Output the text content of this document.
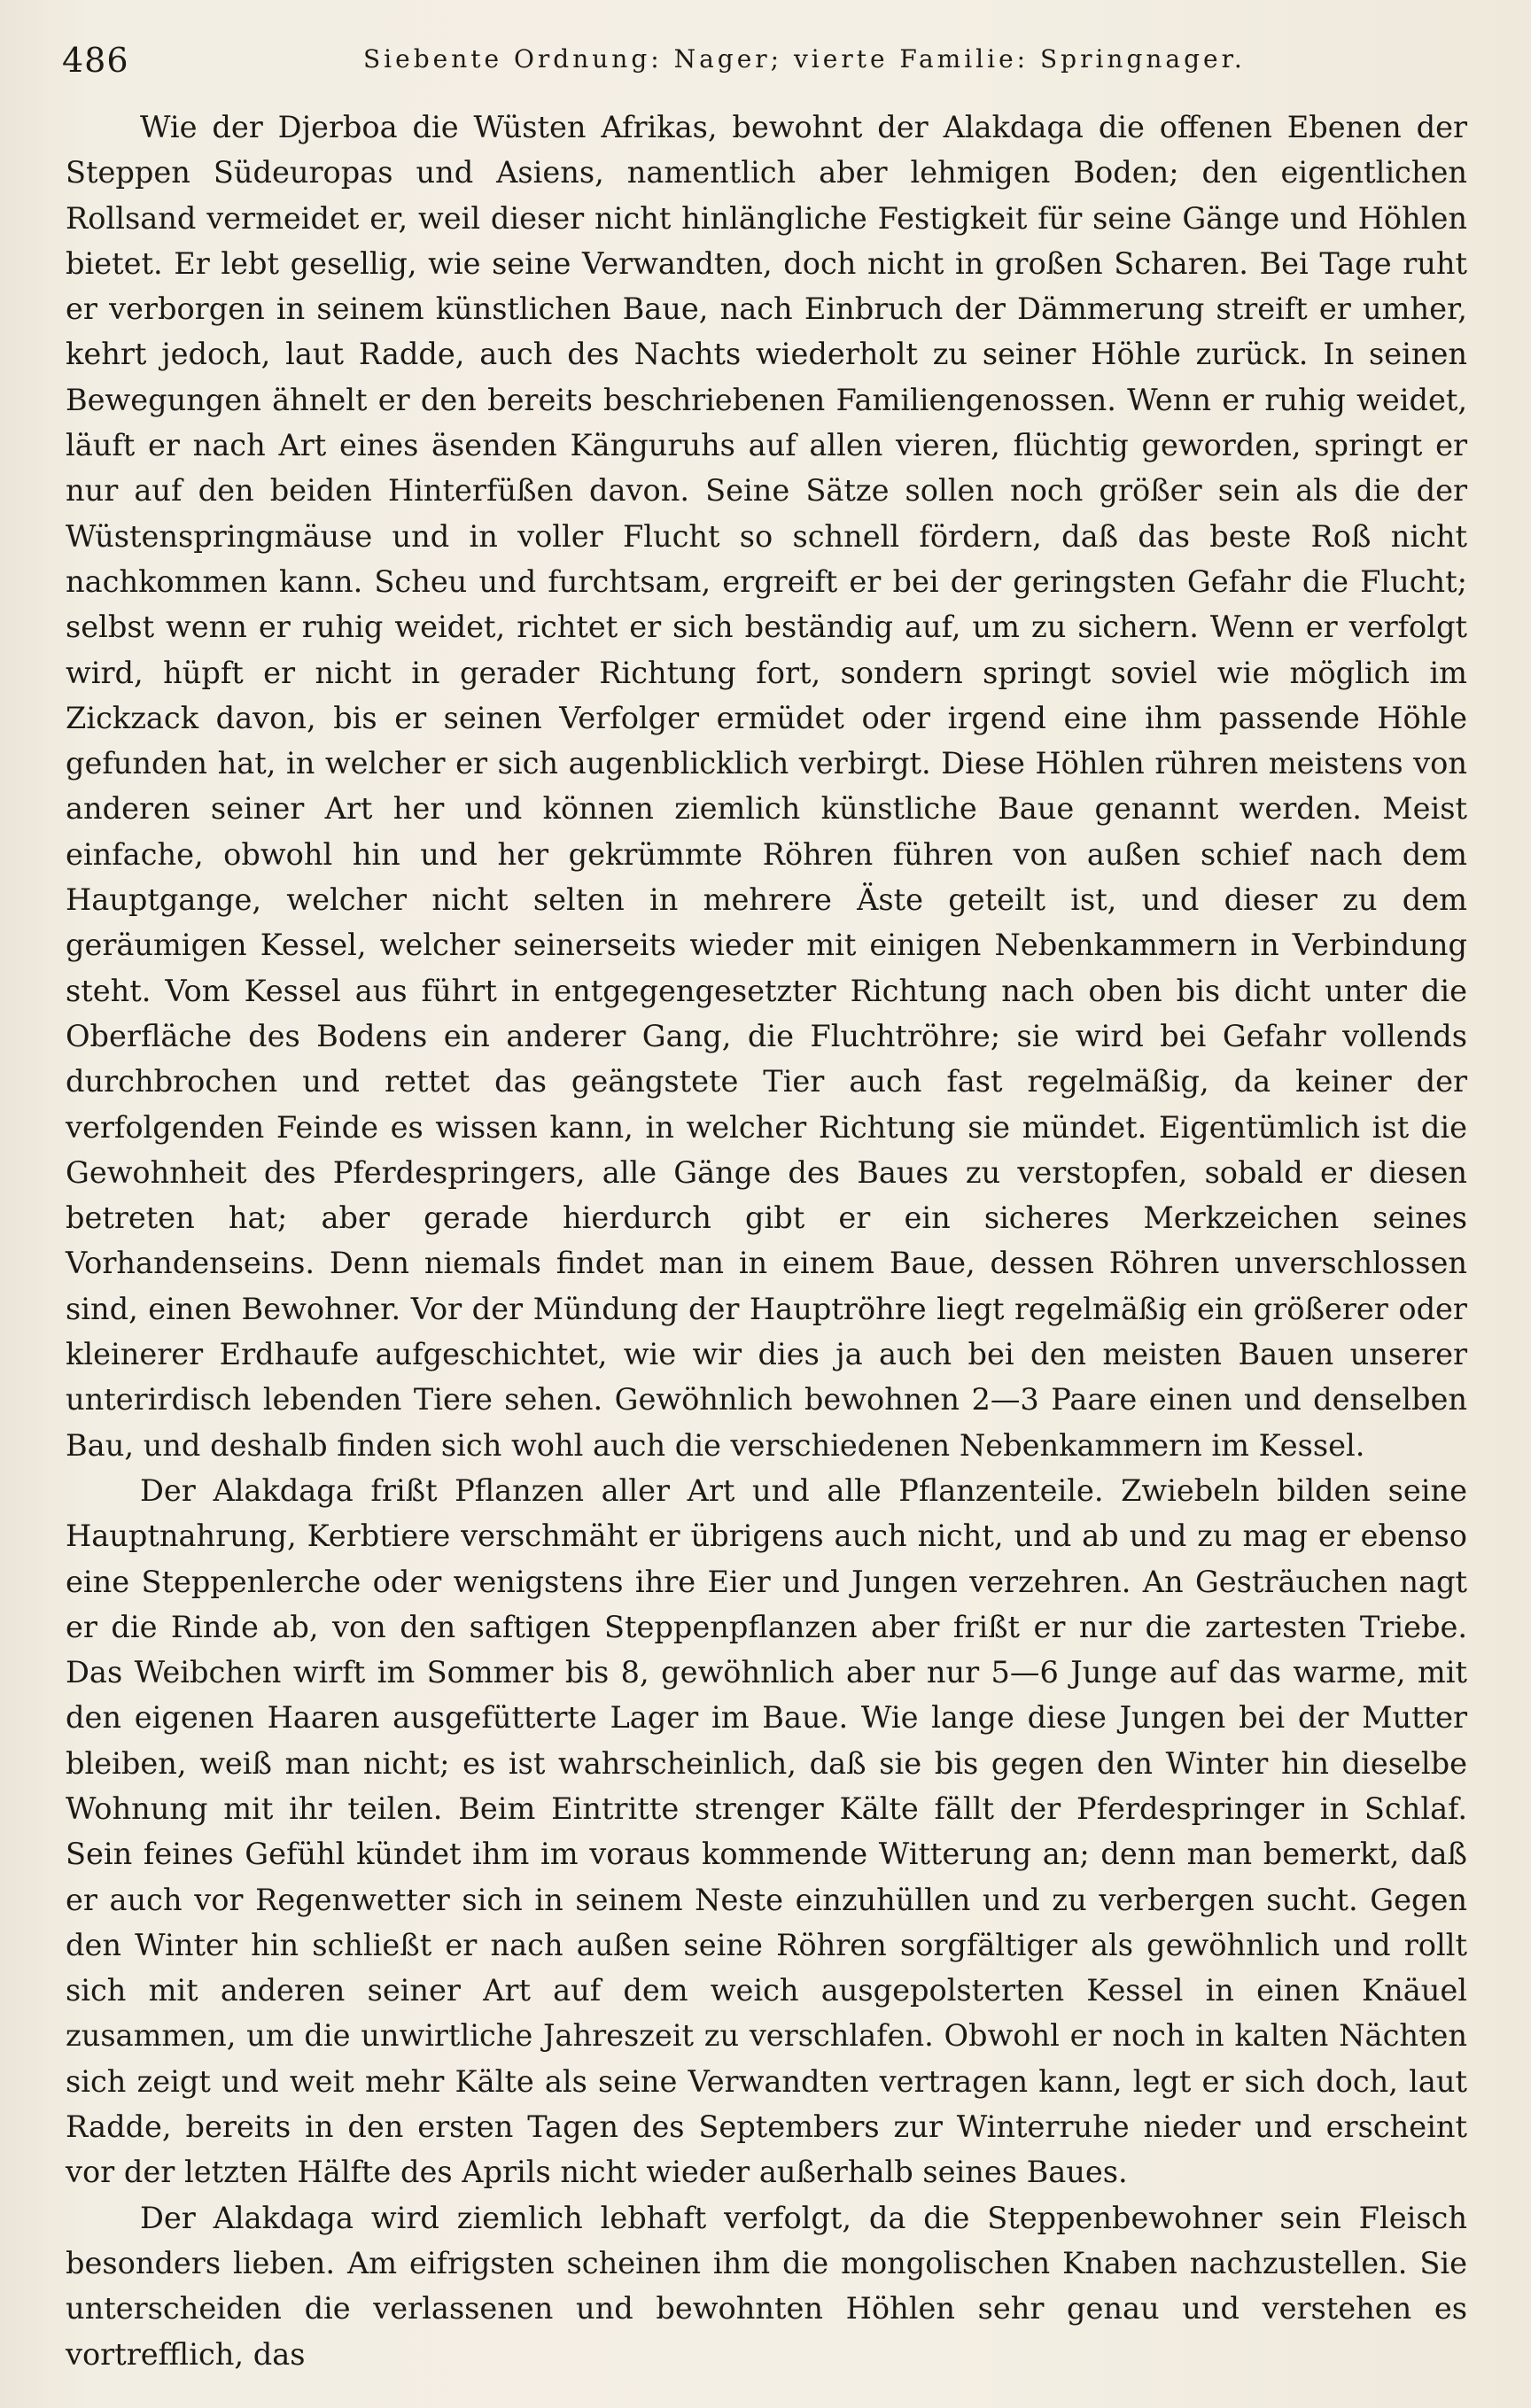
486	Siebente Ordnung: Nager; vierte Familie: Springnager.

Wie der Djerboa die Wüsten Afrikas, bewohnt der Alakdaga die offenen Ebenen der Steppen Südeuropas und Asiens, namentlich aber lehmigen Boden; den eigentlichen Rollsand vermeidet er, weil dieser nicht hinlängliche Festigkeit für seine Gänge und Höhlen bietet. Er lebt gesellig, wie seine Verwandten, doch nicht in großen Scharen. Bei Tage ruht er verborgen in seinem künstlichen Baue, nach Einbruch der Dämmerung streift er umher, kehrt jedoch, laut Radde, auch des Nachts wiederholt zu seiner Höhle zurück. In seinen Bewegungen ähnelt er den bereits beschriebenen Familiengenossen. Wenn er ruhig weidet, läuft er nach Art eines äsenden Känguruhs auf allen vieren, flüchtig geworden, springt er nur auf den beiden Hinterfüßen davon. Seine Sätze sollen noch größer sein als die der Wüstenspringmäuse und in voller Flucht so schnell fördern, daß das beste Roß nicht nachkommen kann. Scheu und furchtsam, ergreift er bei der geringsten Gefahr die Flucht; selbst wenn er ruhig weidet, richtet er sich beständig auf, um zu sichern. Wenn er verfolgt wird, hüpft er nicht in gerader Richtung fort, sondern springt soviel wie möglich im Zickzack davon, bis er seinen Verfolger ermüdet oder irgend eine ihm passende Höhle gefunden hat, in welcher er sich augenblicklich verbirgt. Diese Höhlen rühren meistens von anderen seiner Art her und können ziemlich künstliche Baue genannt werden. Meist einfache, obwohl hin und her gekrümmte Röhren führen von außen schief nach dem Hauptgange, welcher nicht selten in mehrere Äste geteilt ist, und dieser zu dem geräumigen Kessel, welcher seinerseits wieder mit einigen Nebenkammern in Verbindung steht. Vom Kessel aus führt in entgegengesetzter Richtung nach oben bis dicht unter die Oberfläche des Bodens ein anderer Gang, die Fluchtröhre; sie wird bei Gefahr vollends durchbrochen und rettet das geängstete Tier auch fast regelmäßig, da keiner der verfolgenden Feinde es wissen kann, in welcher Richtung sie mündet. Eigentümlich ist die Gewohnheit des Pferdespringers, alle Gänge des Baues zu verstopfen, sobald er diesen betreten hat; aber gerade hierdurch gibt er ein sicheres Merkzeichen seines Vorhandenseins. Denn niemals findet man in einem Baue, dessen Röhren unverschlossen sind, einen Bewohner. Vor der Mündung der Hauptröhre liegt regelmäßig ein größerer oder kleinerer Erdhaufe aufgeschichtet, wie wir dies ja auch bei den meisten Bauen unserer unterirdisch lebenden Tiere sehen. Gewöhnlich bewohnen 2—3 Paare einen und denselben Bau, und deshalb finden sich wohl auch die verschiedenen Nebenkammern im Kessel.

Der Alakdaga frißt Pflanzen aller Art und alle Pflanzenteile. Zwiebeln bilden seine Hauptnahrung, Kerbtiere verschmäht er übrigens auch nicht, und ab und zu mag er ebenso eine Steppenlerche oder wenigstens ihre Eier und Jungen verzehren. An Gesträuchen nagt er die Rinde ab, von den saftigen Steppenpflanzen aber frißt er nur die zartesten Triebe. Das Weibchen wirft im Sommer bis 8, gewöhnlich aber nur 5—6 Junge auf das warme, mit den eigenen Haaren ausgefütterte Lager im Baue. Wie lange diese Jungen bei der Mutter bleiben, weiß man nicht; es ist wahrscheinlich, daß sie bis gegen den Winter hin dieselbe Wohnung mit ihr teilen. Beim Eintritte strenger Kälte fällt der Pferdespringer in Schlaf. Sein feines Gefühl kündet ihm im voraus kommende Witterung an; denn man bemerkt, daß er auch vor Regenwetter sich in seinem Neste einzuhüllen und zu verbergen sucht. Gegen den Winter hin schließt er nach außen seine Röhren sorgfältiger als gewöhnlich und rollt sich mit anderen seiner Art auf dem weich ausgepolsterten Kessel in einen Knäuel zusammen, um die unwirtliche Jahreszeit zu verschlafen. Obwohl er noch in kalten Nächten sich zeigt und weit mehr Kälte als seine Verwandten vertragen kann, legt er sich doch, laut Radde, bereits in den ersten Tagen des Septembers zur Winterruhe nieder und erscheint vor der letzten Hälfte des Aprils nicht wieder außerhalb seines Baues.

Der Alakdaga wird ziemlich lebhaft verfolgt, da die Steppenbewohner sein Fleisch besonders lieben. Am eifrigsten scheinen ihm die mongolischen Knaben nachzustellen. Sie unterscheiden die verlassenen und bewohnten Höhlen sehr genau und verstehen es vortrefflich, das
